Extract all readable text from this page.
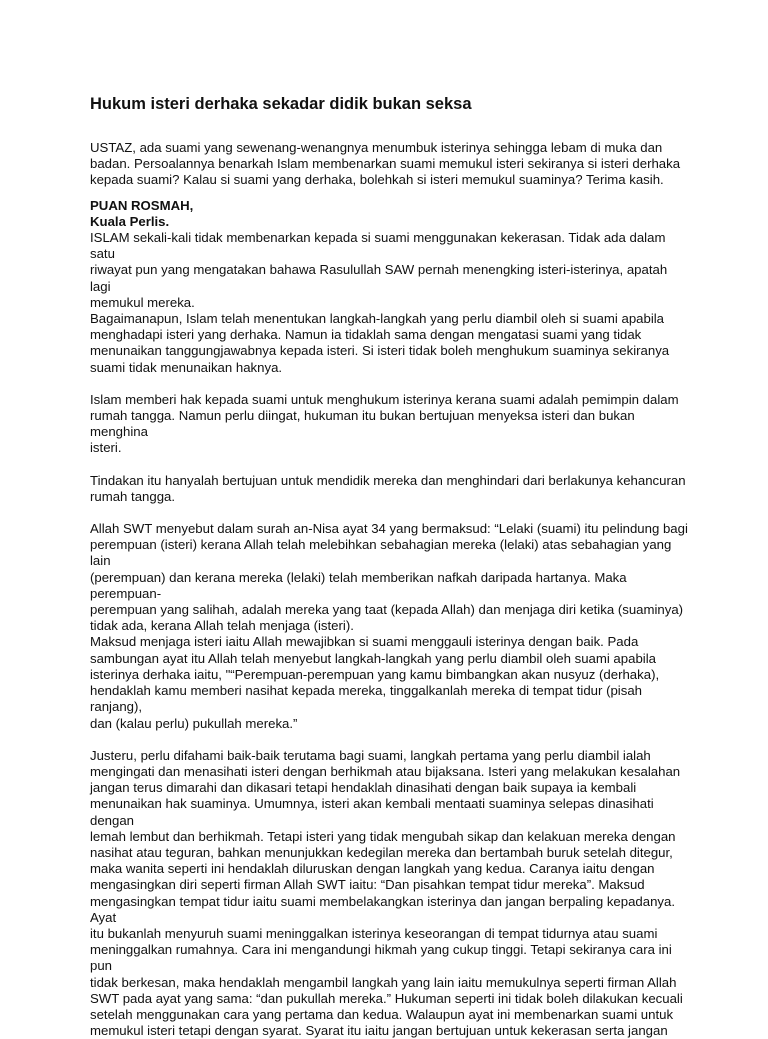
Hukum isteri derhaka sekadar didik bukan seksa

USTAZ, ada suami yang sewenang-wenangnya menumbuk isterinya sehingga lebam di muka dan
badan. Persoalannya benarkah Islam membenarkan suami memukul isteri sekiranya si isteri derhaka
kepada suami? Kalau si suami yang derhaka, bolehkah si isteri memukul suaminya? Terima kasih.

PUAN ROSMAH,

Kuala Perlis.

ISLAM sekali-kali tidak membenarkan kepada si suami menggunakan kekerasan. Tidak ada dalam satu
riwayat pun yang mengatakan bahawa Rasulullah SAW pernah menengking isteri-isterinya, apatah lagi
memukul mereka.
Bagaimanapun, Islam telah menentukan langkah-langkah yang perlu diambil oleh si suami apabila
menghadapi isteri yang derhaka. Namun ia tidaklah sama dengan mengatasi suami yang tidak
menunaikan tanggungjawabnya kepada isteri. Si isteri tidak boleh menghukum suaminya sekiranya
suami tidak menunaikan haknya.

Islam memberi hak kepada suami untuk menghukum isterinya kerana suami adalah pemimpin dalam
rumah tangga. Namun perlu diingat, hukuman itu bukan bertujuan menyeksa isteri dan bukan menghina
isteri.

Tindakan itu hanyalah bertujuan untuk mendidik mereka dan menghindari dari berlakunya kehancuran
rumah tangga.

Allah SWT menyebut dalam surah an-Nisa ayat 34 yang bermaksud: “Lelaki (suami) itu pelindung bagi
perempuan (isteri) kerana Allah telah melebihkan sebahagian mereka (lelaki) atas sebahagian yang lain
(perempuan) dan kerana mereka (lelaki) telah memberikan nafkah daripada hartanya. Maka perempuan-
perempuan yang salihah, adalah mereka yang taat (kepada Allah) dan menjaga diri ketika (suaminya)
tidak ada, kerana Allah telah menjaga (isteri).
Maksud menjaga isteri iaitu Allah mewajibkan si suami menggauli isterinya dengan baik. Pada
sambungan ayat itu Allah telah menyebut langkah-langkah yang perlu diambil oleh suami apabila
isterinya derhaka iaitu, "“Perempuan-perempuan yang kamu bimbangkan akan nusyuz (derhaka),
hendaklah kamu memberi nasihat kepada mereka, tinggalkanlah mereka di tempat tidur (pisah ranjang),
dan (kalau perlu) pukullah mereka.”

Justeru, perlu difahami baik-baik terutama bagi suami, langkah pertama yang perlu diambil ialah
mengingati dan menasihati isteri dengan berhikmah atau bijaksana. Isteri yang melakukan kesalahan
jangan terus dimarahi dan dikasari tetapi hendaklah dinasihati dengan baik supaya ia kembali
menunaikan hak suaminya. Umumnya, isteri akan kembali mentaati suaminya selepas dinasihati dengan
lemah lembut dan berhikmah. Tetapi isteri yang tidak mengubah sikap dan kelakuan mereka dengan
nasihat atau teguran, bahkan menunjukkan kedegilan mereka dan bertambah buruk setelah ditegur,
maka wanita seperti ini hendaklah diluruskan dengan langkah yang kedua. Caranya iaitu dengan
mengasingkan diri seperti firman Allah SWT iaitu: “Dan pisahkan tempat tidur mereka”. Maksud
mengasingkan tempat tidur iaitu suami membelakangkan isterinya dan jangan berpaling kepadanya. Ayat
itu bukanlah menyuruh suami meninggalkan isterinya keseorangan di tempat tidurnya atau suami
meninggalkan rumahnya. Cara ini mengandungi hikmah yang cukup tinggi. Tetapi sekiranya cara ini pun
tidak berkesan, maka hendaklah mengambil langkah yang lain iaitu memukulnya seperti firman Allah
SWT pada ayat yang sama: “dan pukullah mereka.” Hukuman seperti ini tidak boleh dilakukan kecuali
setelah menggunakan cara yang pertama dan kedua. Walaupun ayat ini membenarkan suami untuk
memukul isteri tetapi dengan syarat. Syarat itu iaitu jangan bertujuan untuk kekerasan serta jangan
